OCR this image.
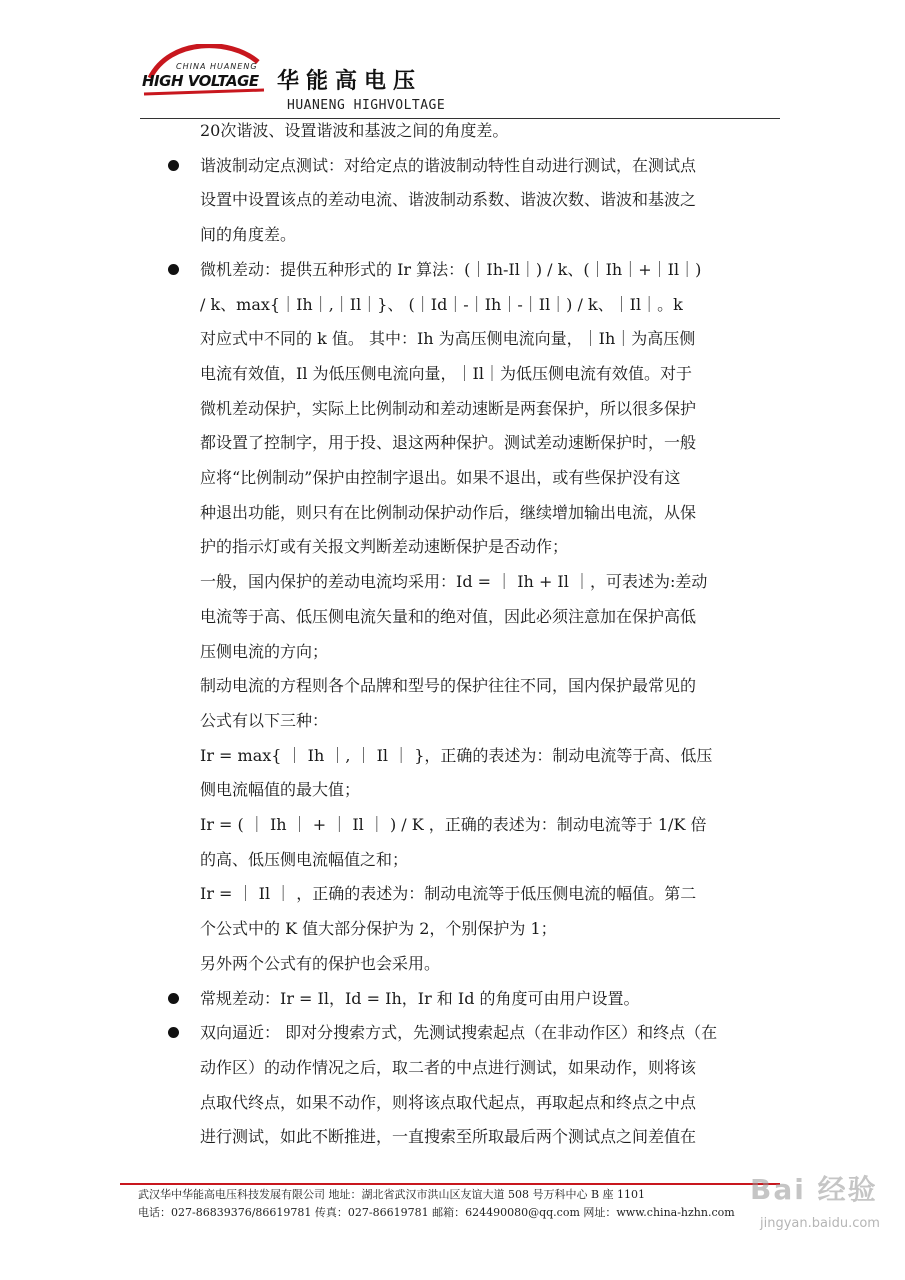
CHINA HUANENG
HIGH VOLTAGE 华能高电压
HUANENG HIGHVOLTAGE
20次谐波、设置谐波和基波之间的角度差。
谐波制动定点测试：对给定点的谐波制动特性自动进行测试，在测试点
设置中设置该点的差动电流、谐波制动系数、谐波次数、谐波和基波之
间的角度差。
微机差动：提供五种形式的 Ir 算法：(｜Ih-Il｜) / k、(｜Ih｜+｜Il｜)
/ k、max{｜Ih｜,｜Il｜}、 (｜Id｜-｜Ih｜-｜Il｜) / k、｜Il｜。k
对应式中不同的 k 值。 其中：Ih 为高压侧电流向量，｜Ih｜为高压侧
电流有效值，Il 为低压侧电流向量，｜Il｜为低压侧电流有效值。对于
微机差动保护，实际上比例制动和差动速断是两套保护，所以很多保护
都设置了控制字，用于投、退这两种保护。测试差动速断保护时，一般
应将“比例制动”保护由控制字退出。如果不退出，或有些保护没有这
种退出功能，则只有在比例制动保护动作后，继续增加输出电流，从保
护的指示灯或有关报文判断差动速断保护是否动作；
一般，国内保护的差动电流均采用：Id = ｜ Ih + Il ｜，可表述为:差动
电流等于高、低压侧电流矢量和的绝对值，因此必须注意加在保护高低
压侧电流的方向；
制动电流的方程则各个品牌和型号的保护往往不同，国内保护最常见的
公式有以下三种：
Ir = max{ ｜ Ih ｜, ｜ Il ｜ }，正确的表述为：制动电流等于高、低压
侧电流幅值的最大值；
Ir = ( ｜ Ih ｜ + ｜ Il ｜ ) / K ，正确的表述为：制动电流等于 1/K 倍
的高、低压侧电流幅值之和；
Ir = ｜ Il ｜ ，正确的表述为：制动电流等于低压侧电流的幅值。第二
个公式中的 K 值大部分保护为 2，个别保护为 1；
另外两个公式有的保护也会采用。
常规差动：Ir = Il，Id = Ih，Ir 和 Id 的角度可由用户设置。
双向逼近： 即对分搜索方式，先测试搜索起点（在非动作区）和终点（在
动作区）的动作情况之后，取二者的中点进行测试，如果动作，则将该
点取代终点，如果不动作，则将该点取代起点，再取起点和终点之中点
进行测试，如此不断推进，一直搜索至所取最后两个测试点之间差值在
武汉华中华能高电压科技发展有限公司 地址：湖北省武汉市洪山区友谊大道 508 号万科中心 B 座 1101
电话：027-86839376/86619781 传真：027-86619781 邮箱：624490080@qq.com 网址：www.china-hzhn.com
Bai 经验
jingyan.baidu.com
